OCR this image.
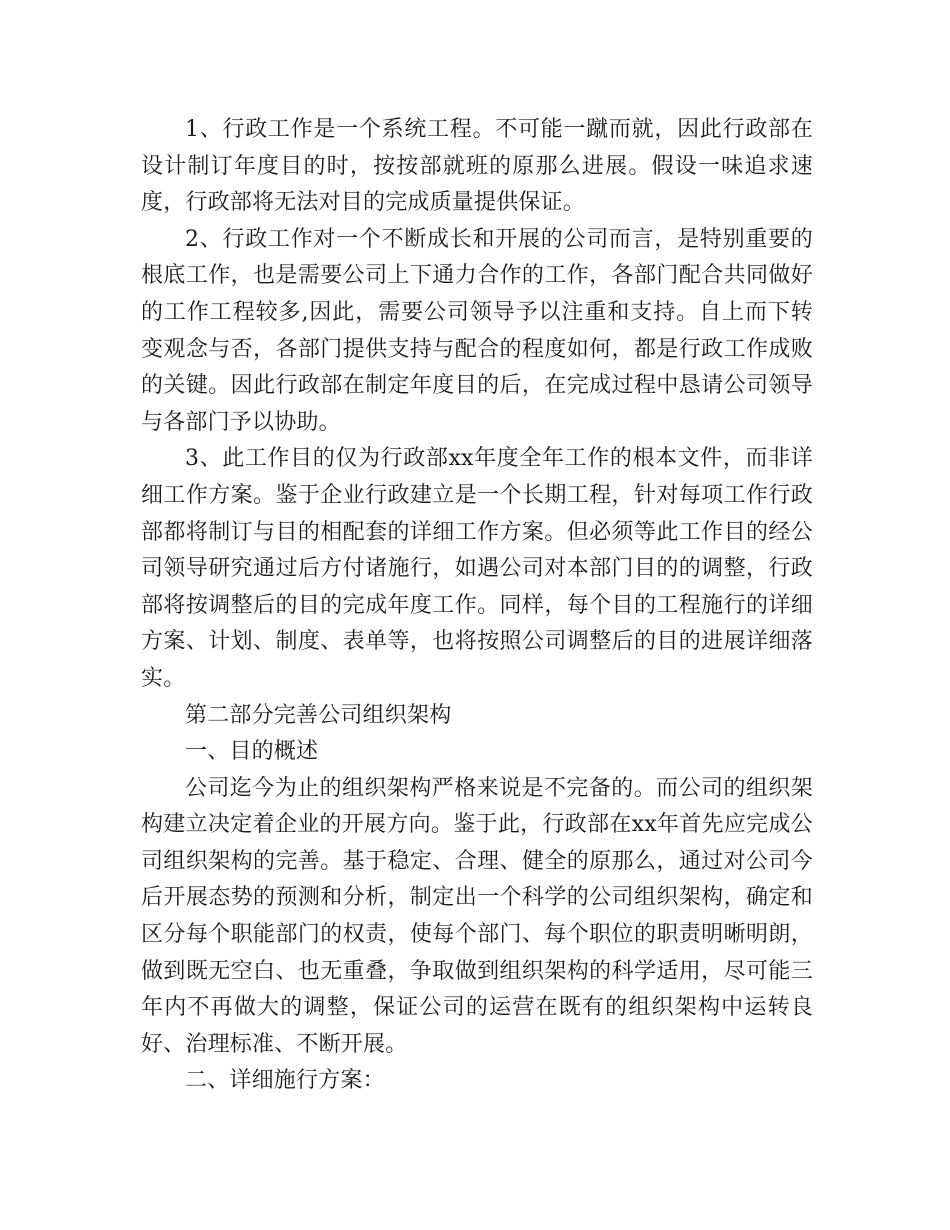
1、行政工作是一个系统工程。不可能一蹴而就，因此行政部在设计制订年度目的时，按按部就班的原那么进展。假设一味追求速度，行政部将无法对目的完成质量提供保证。

2、行政工作对一个不断成长和开展的公司而言，是特别重要的根底工作，也是需要公司上下通力合作的工作，各部门配合共同做好的工作工程较多,因此，需要公司领导予以注重和支持。自上而下转变观念与否，各部门提供支持与配合的程度如何，都是行政工作成败的关键。因此行政部在制定年度目的后，在完成过程中恳请公司领导与各部门予以协助。

3、此工作目的仅为行政部xx年度全年工作的根本文件，而非详细工作方案。鉴于企业行政建立是一个长期工程，针对每项工作行政部都将制订与目的相配套的详细工作方案。但必须等此工作目的经公司领导研究通过后方付诸施行，如遇公司对本部门目的的调整，行政部将按调整后的目的完成年度工作。同样，每个目的工程施行的详细方案、计划、制度、表单等，也将按照公司调整后的目的进展详细落实。

第二部分完善公司组织架构

一、目的概述

公司迄今为止的组织架构严格来说是不完备的。而公司的组织架构建立决定着企业的开展方向。鉴于此，行政部在xx年首先应完成公司组织架构的完善。基于稳定、合理、健全的原那么，通过对公司今后开展态势的预测和分析，制定出一个科学的公司组织架构，确定和区分每个职能部门的权责，使每个部门、每个职位的职责明晰明朗，做到既无空白、也无重叠，争取做到组织架构的科学适用，尽可能三年内不再做大的调整，保证公司的运营在既有的组织架构中运转良好、治理标准、不断开展。

二、详细施行方案：
